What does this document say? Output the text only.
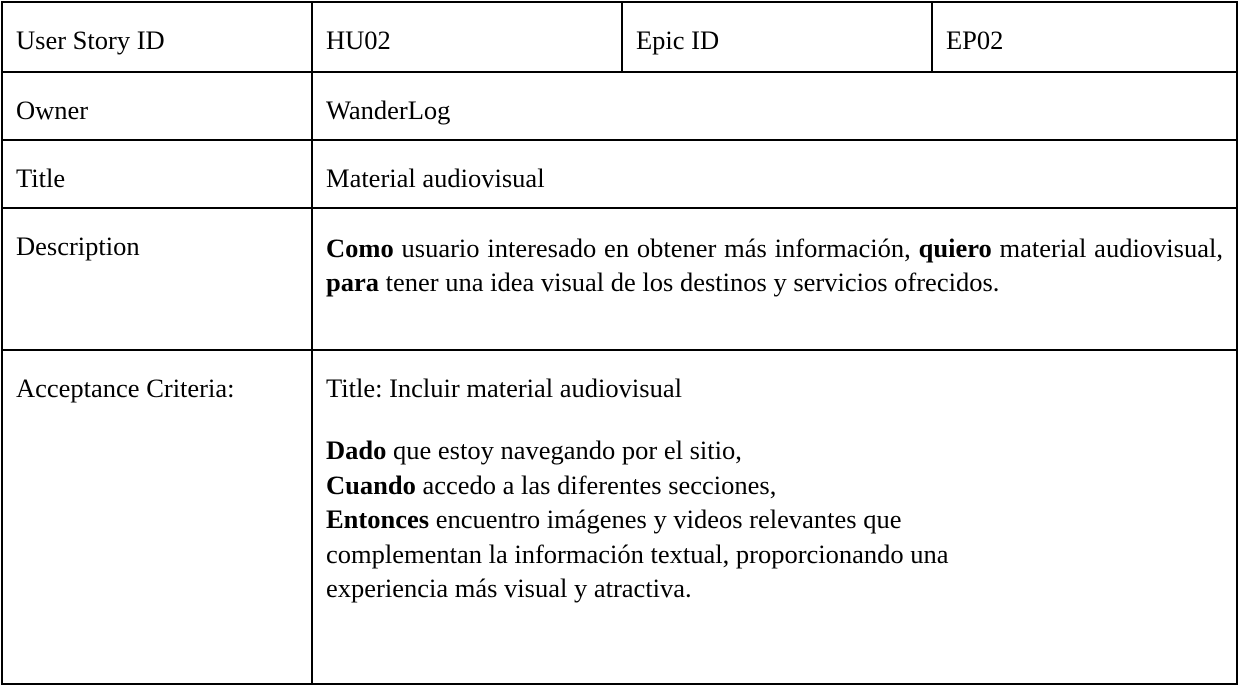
User Story ID	HU02	Epic ID	EP02
Owner	WanderLog		
Title	Material audiovisual		
Description	Como usuario interesado en obtener más información, quiero material audiovisual, para tener una idea visual de los destinos y servicios ofrecidos.		
Acceptance Criteria:	Title: Incluir material audiovisual

Dado que estoy navegando por el sitio,
Cuando accedo a las diferentes secciones,
Entonces encuentro imágenes y videos relevantes que complementan la información textual, proporcionando una experiencia más visual y atractiva.		
